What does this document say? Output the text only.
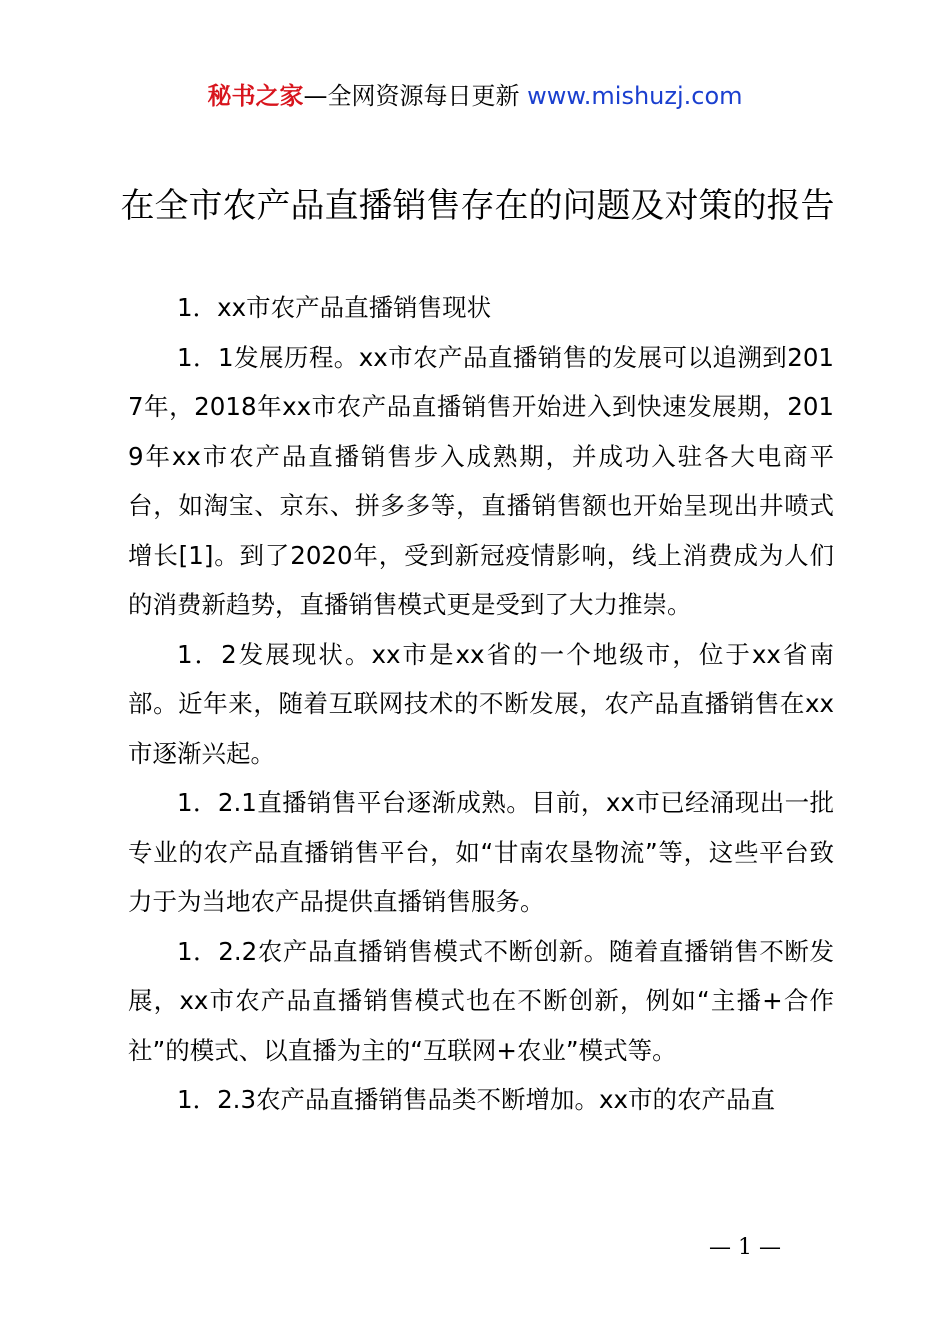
秘书之家—全网资源每日更新 www.mishuzj.com
在全市农产品直播销售存在的问题及对策的报告

1．xx市农产品直播销售现状

1．1发展历程。xx市农产品直播销售的发展可以追溯到2017年，2018年xx市农产品直播销售开始进入到快速发展期，2019年xx市农产品直播销售步入成熟期，并成功入驻各大电商平台，如淘宝、京东、拼多多等，直播销售额也开始呈现出井喷式增长[1]。到了2020年，受到新冠疫情影响，线上消费成为人们的消费新趋势，直播销售模式更是受到了大力推崇。

1．2发展现状。xx市是xx省的一个地级市，位于xx省南部。近年来，随着互联网技术的不断发展，农产品直播销售在xx市逐渐兴起。

1．2.1直播销售平台逐渐成熟。目前，xx市已经涌现出一批专业的农产品直播销售平台，如“甘南农垦物流”等，这些平台致力于为当地农产品提供直播销售服务。

1．2.2农产品直播销售模式不断创新。随着直播销售不断发展，xx市农产品直播销售模式也在不断创新，例如“主播+合作社”的模式、以直播为主的“互联网+农业”模式等。

1．2.3农产品直播销售品类不断增加。xx市的农产品直

— 1 —
